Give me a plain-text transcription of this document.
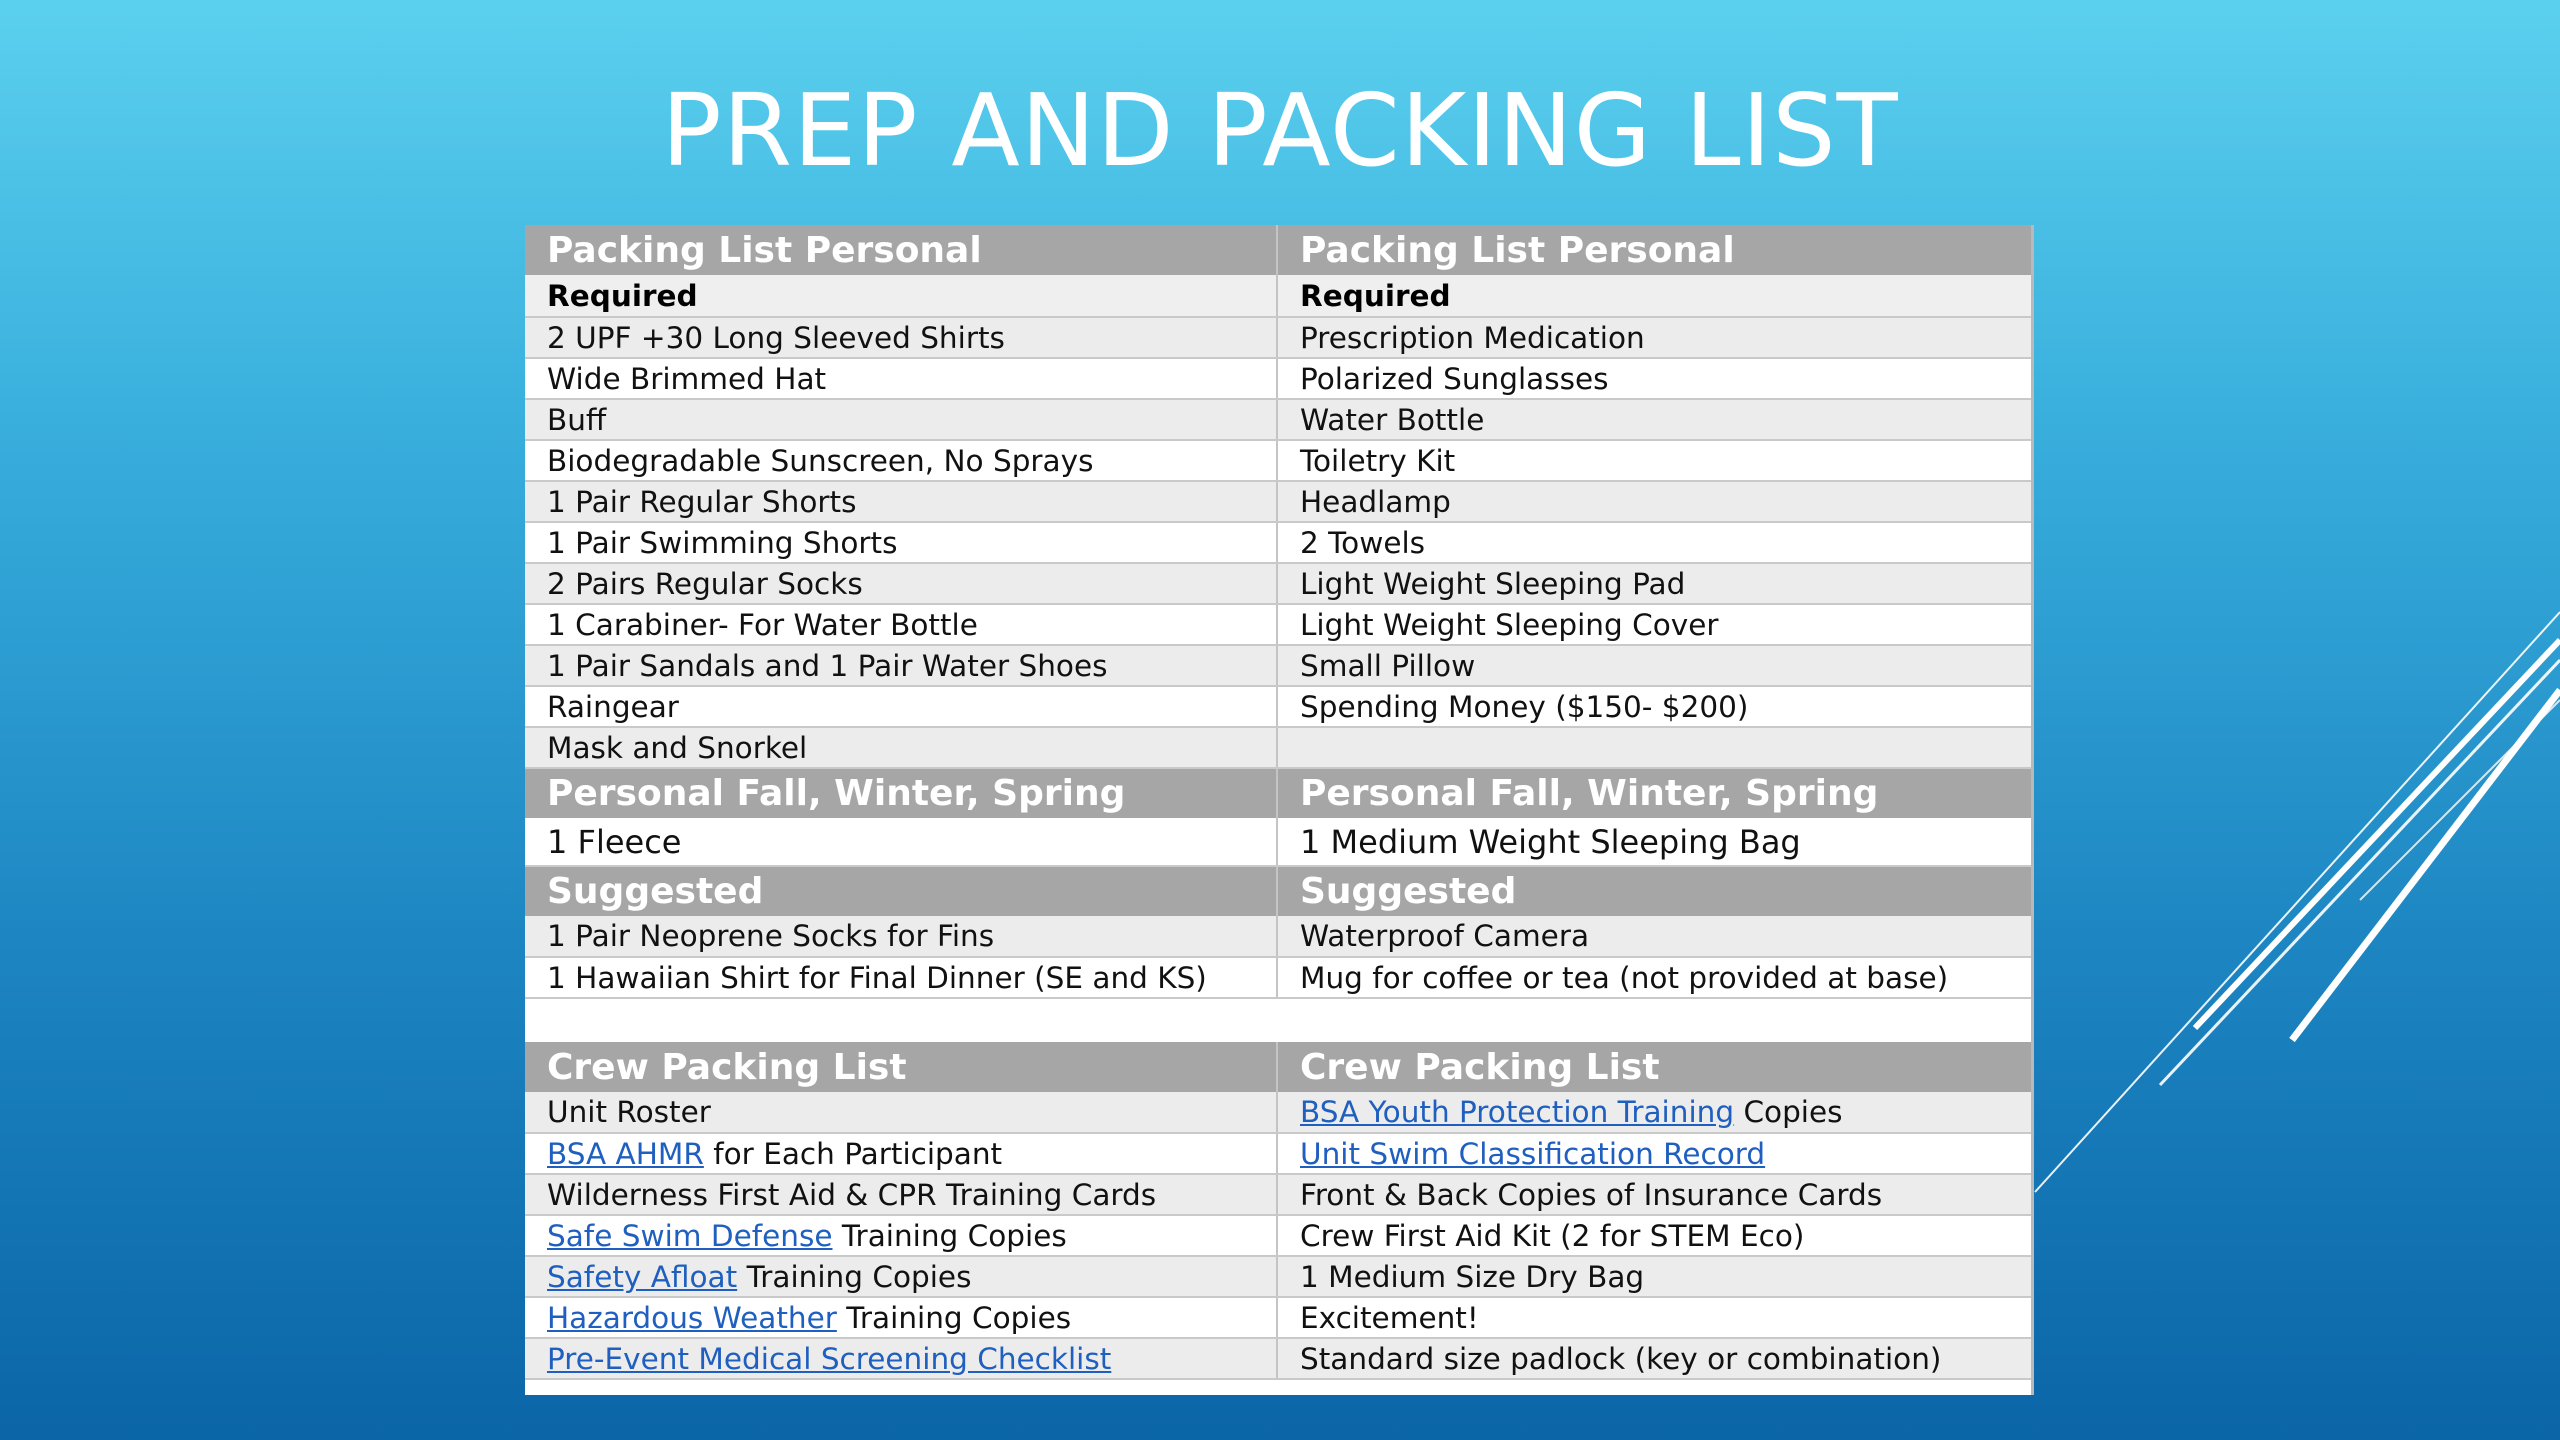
PREP AND PACKING LIST
Packing List Personal	Packing List Personal
Required	Required
2 UPF +30 Long Sleeved Shirts	Prescription Medication
Wide Brimmed Hat	Polarized Sunglasses
Buff	Water Bottle
Biodegradable Sunscreen, No Sprays	Toiletry Kit
1 Pair Regular Shorts	Headlamp
1 Pair Swimming Shorts	2 Towels
2 Pairs Regular Socks	Light Weight Sleeping Pad
1 Carabiner- For Water Bottle	Light Weight Sleeping Cover
1 Pair Sandals and 1 Pair Water Shoes	Small Pillow
Raingear	Spending Money ($150- $200)
Mask and Snorkel	
Personal Fall, Winter, Spring	Personal Fall, Winter, Spring
1 Fleece	1 Medium Weight Sleeping Bag
Suggested	Suggested
1 Pair Neoprene Socks for Fins	Waterproof Camera
1 Hawaiian Shirt for Final Dinner (SE and KS)	Mug for coffee or tea (not provided at base)

Crew Packing List	Crew Packing List
Unit Roster	BSA Youth Protection Training Copies
BSA AHMR for Each Participant	Unit Swim Classification Record
Wilderness First Aid & CPR Training Cards	Front & Back Copies of Insurance Cards
Safe Swim Defense Training Copies	Crew First Aid Kit (2 for STEM Eco)
Safety Afloat Training Copies	1 Medium Size Dry Bag
Hazardous Weather Training Copies	Excitement!
Pre-Event Medical Screening Checklist	Standard size padlock (key or combination)
